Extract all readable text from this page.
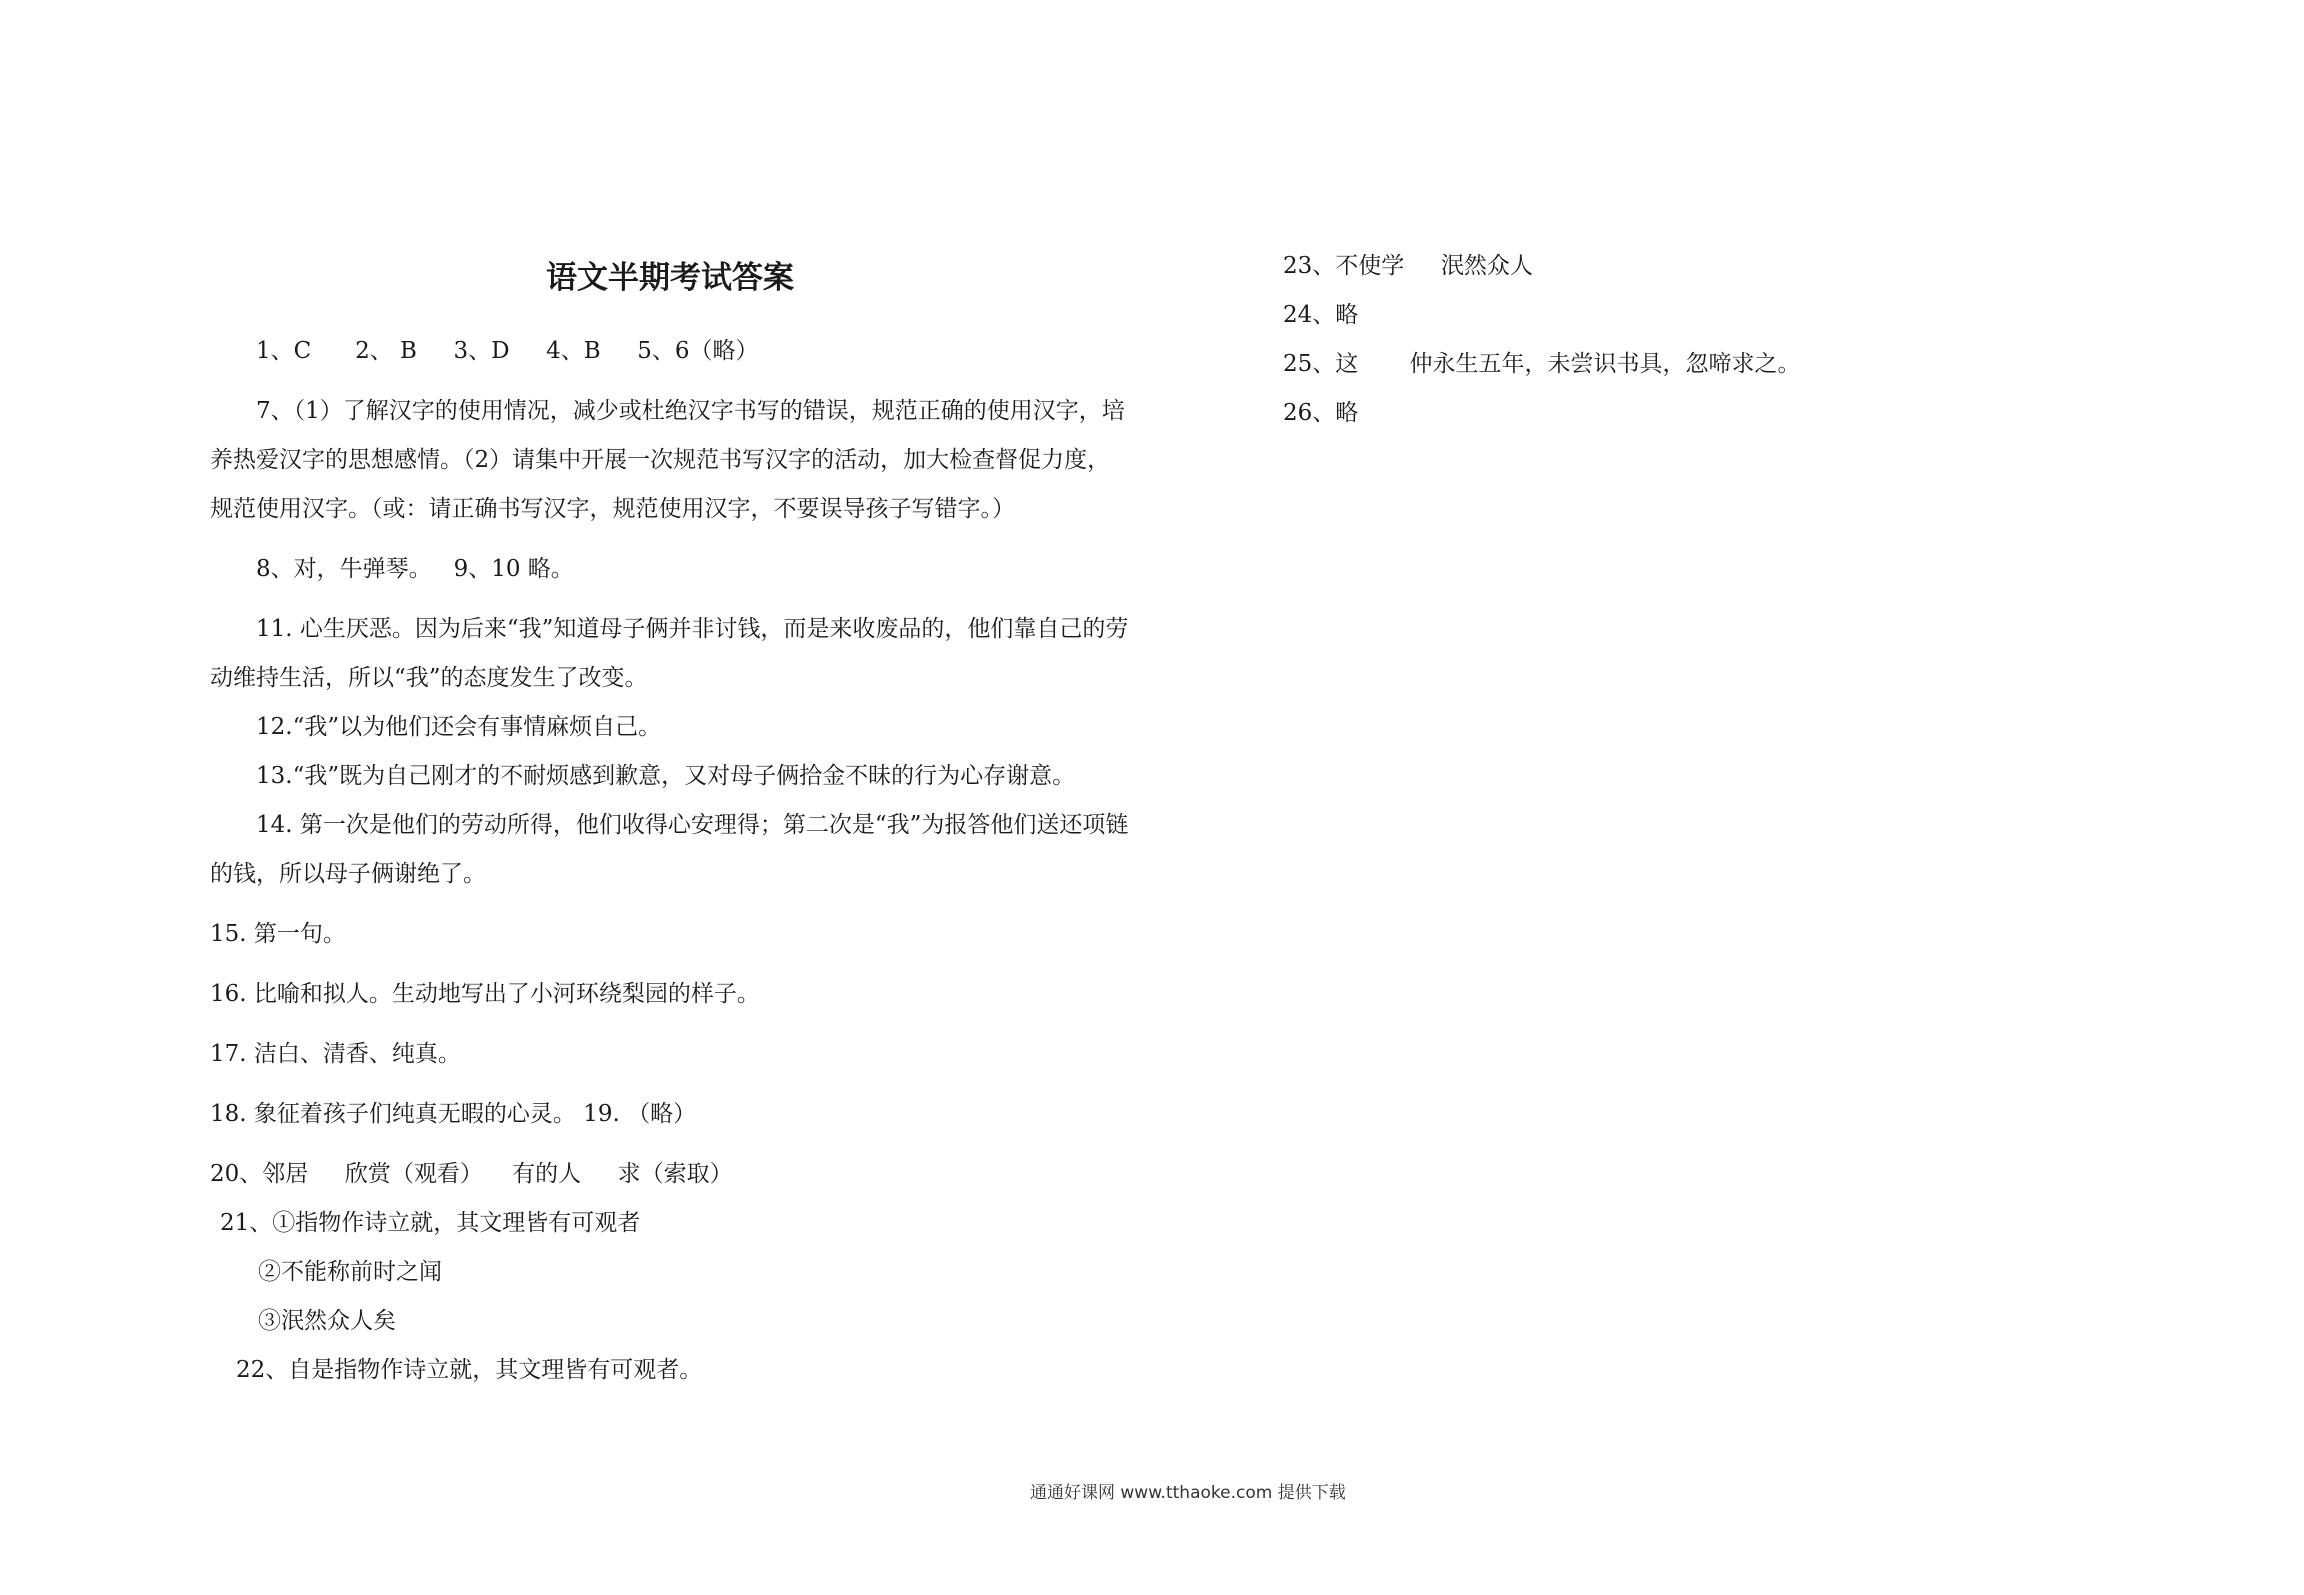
语文半期考试答案

1、C      2、 B     3、D     4、B     5、6（略）

7、（1）了解汉字的使用情况，减少或杜绝汉字书写的错误，规范正确的使用汉字，培养热爱汉字的思想感情。（2）请集中开展一次规范书写汉字的活动，加大检查督促力度，规范使用汉字。（或：请正确书写汉字，规范使用汉字，不要误导孩子写错字。）

8、对，牛弹琴。   9、10 略。

11. 心生厌恶。因为后来“我”知道母子俩并非讨钱，而是来收废品的，他们靠自己的劳动维持生活，所以“我”的态度发生了改变。

12.“我”以为他们还会有事情麻烦自己。

13.“我”既为自己刚才的不耐烦感到歉意，又对母子俩拾金不昧的行为心存谢意。

14. 第一次是他们的劳动所得，他们收得心安理得；第二次是“我”为报答他们送还项链的钱，所以母子俩谢绝了。

15. 第一句。

16. 比喻和拟人。生动地写出了小河环绕梨园的样子。

17. 洁白、清香、纯真。

18. 象征着孩子们纯真无暇的心灵。 19. （略）

20、邻居     欣赏（观看）    有的人     求（索取）

21、①指物作诗立就，其文理皆有可观者

②不能称前时之闻

③泯然众人矣

22、自是指物作诗立就，其文理皆有可观者。

23、不使学     泯然众人

24、略

25、这       仲永生五年，未尝识书具，忽啼求之。

26、略

通通好课网 www.tthaoke.com 提供下载
